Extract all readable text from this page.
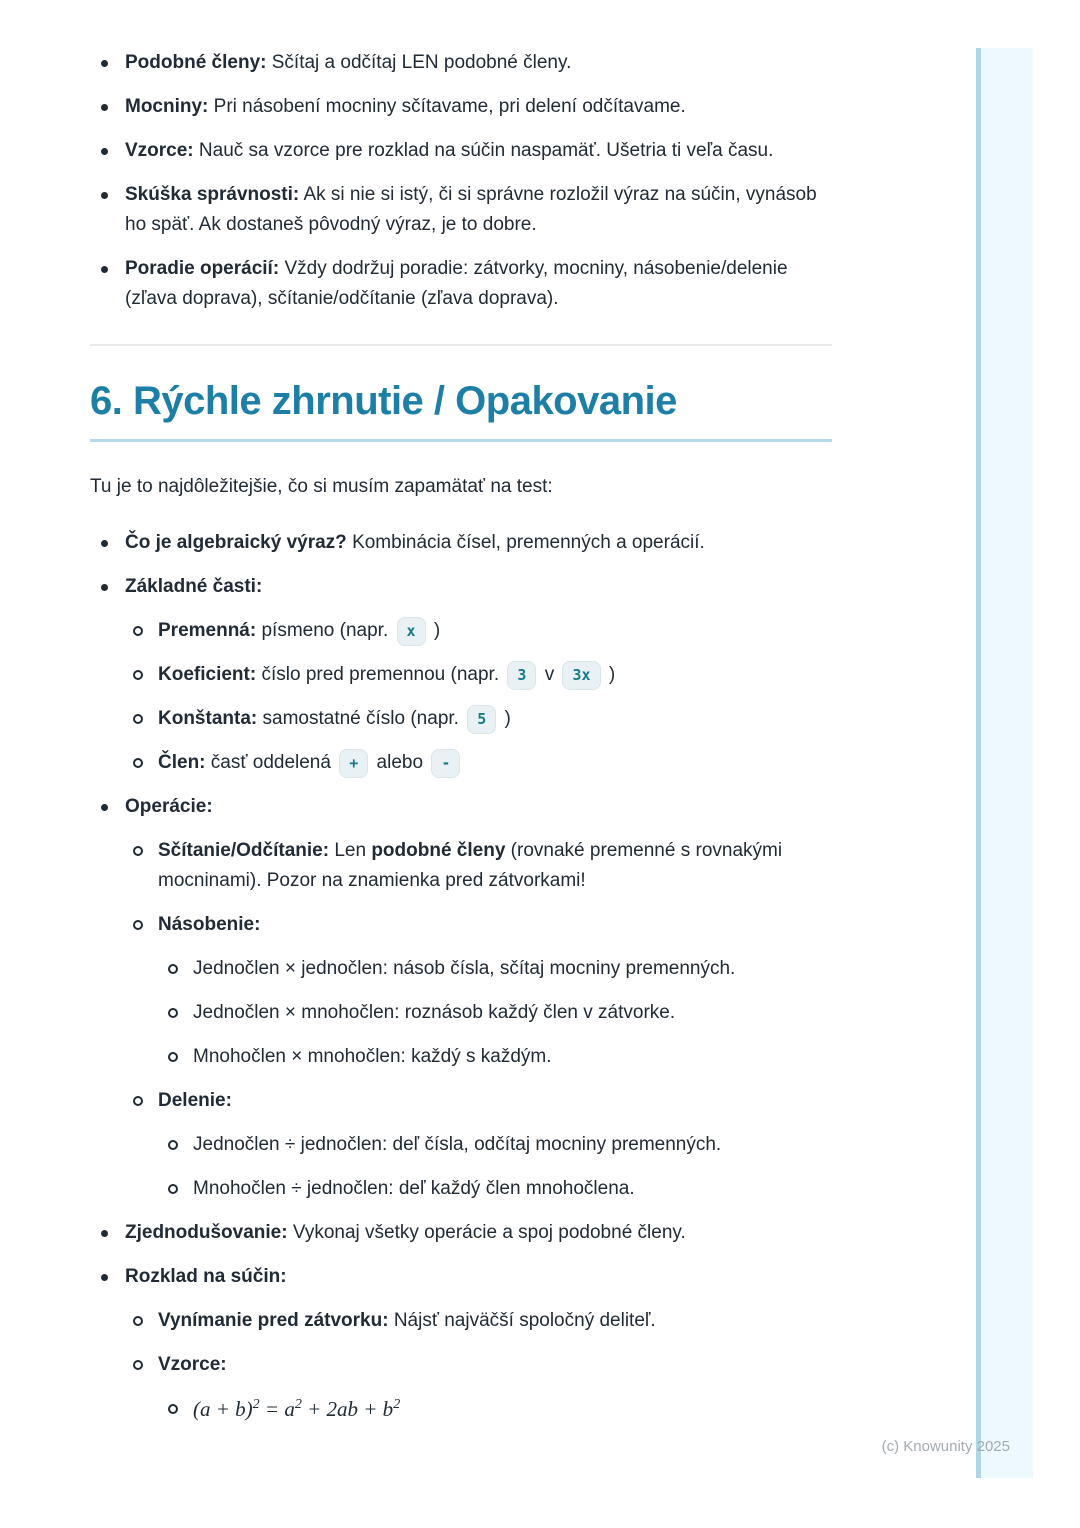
Podobné členy: Sčítaj a odčítaj LEN podobné členy.
Mocniny: Pri násobení mocniny sčítavame, pri delení odčítavame.
Vzorce: Nauč sa vzorce pre rozklad na súčin naspamäť. Ušetria ti veľa času.
Skúška správnosti: Ak si nie si istý, či si správne rozložil výraz na súčin, vynásob ho späť. Ak dostaneš pôvodný výraz, je to dobre.
Poradie operácií: Vždy dodržuj poradie: zátvorky, mocniny, násobenie/delenie (zľava doprava), sčítanie/odčítanie (zľava doprava).
6. Rýchle zhrnutie / Opakovanie

Tu je to najdôležitejšie, čo si musím zapamätať na test:

Čo je algebraický výraz? Kombinácia čísel, premenných a operácií.
Základné časti:
Premenná: písmeno (napr. x )
Koeficient: číslo pred premennou (napr. 3 v 3x )
Konštanta: samostatné číslo (napr. 5 )
Člen: časť oddelená + alebo -
Operácie:
Sčítanie/Odčítanie: Len podobné členy (rovnaké premenné s rovnakými mocninami). Pozor na znamienka pred zátvorkami!
Násobenie:
Jednočlen × jednočlen: násob čísla, sčítaj mocniny premenných.
Jednočlen × mnohočlen: roznásob každý člen v zátvorke.
Mnohočlen × mnohočlen: každý s každým.
Delenie:
Jednočlen ÷ jednočlen: deľ čísla, odčítaj mocniny premenných.
Mnohočlen ÷ jednočlen: deľ každý člen mnohočlena.
Zjednodušovanie: Vykonaj všetky operácie a spoj podobné členy.
Rozklad na súčin:
Vynímanie pred zátvorku: Nájsť najväčší spoločný deliteľ.
Vzorce:
$(a + b)^2 = a^2 + 2ab + b^2$
(c) Knowunity 2025
